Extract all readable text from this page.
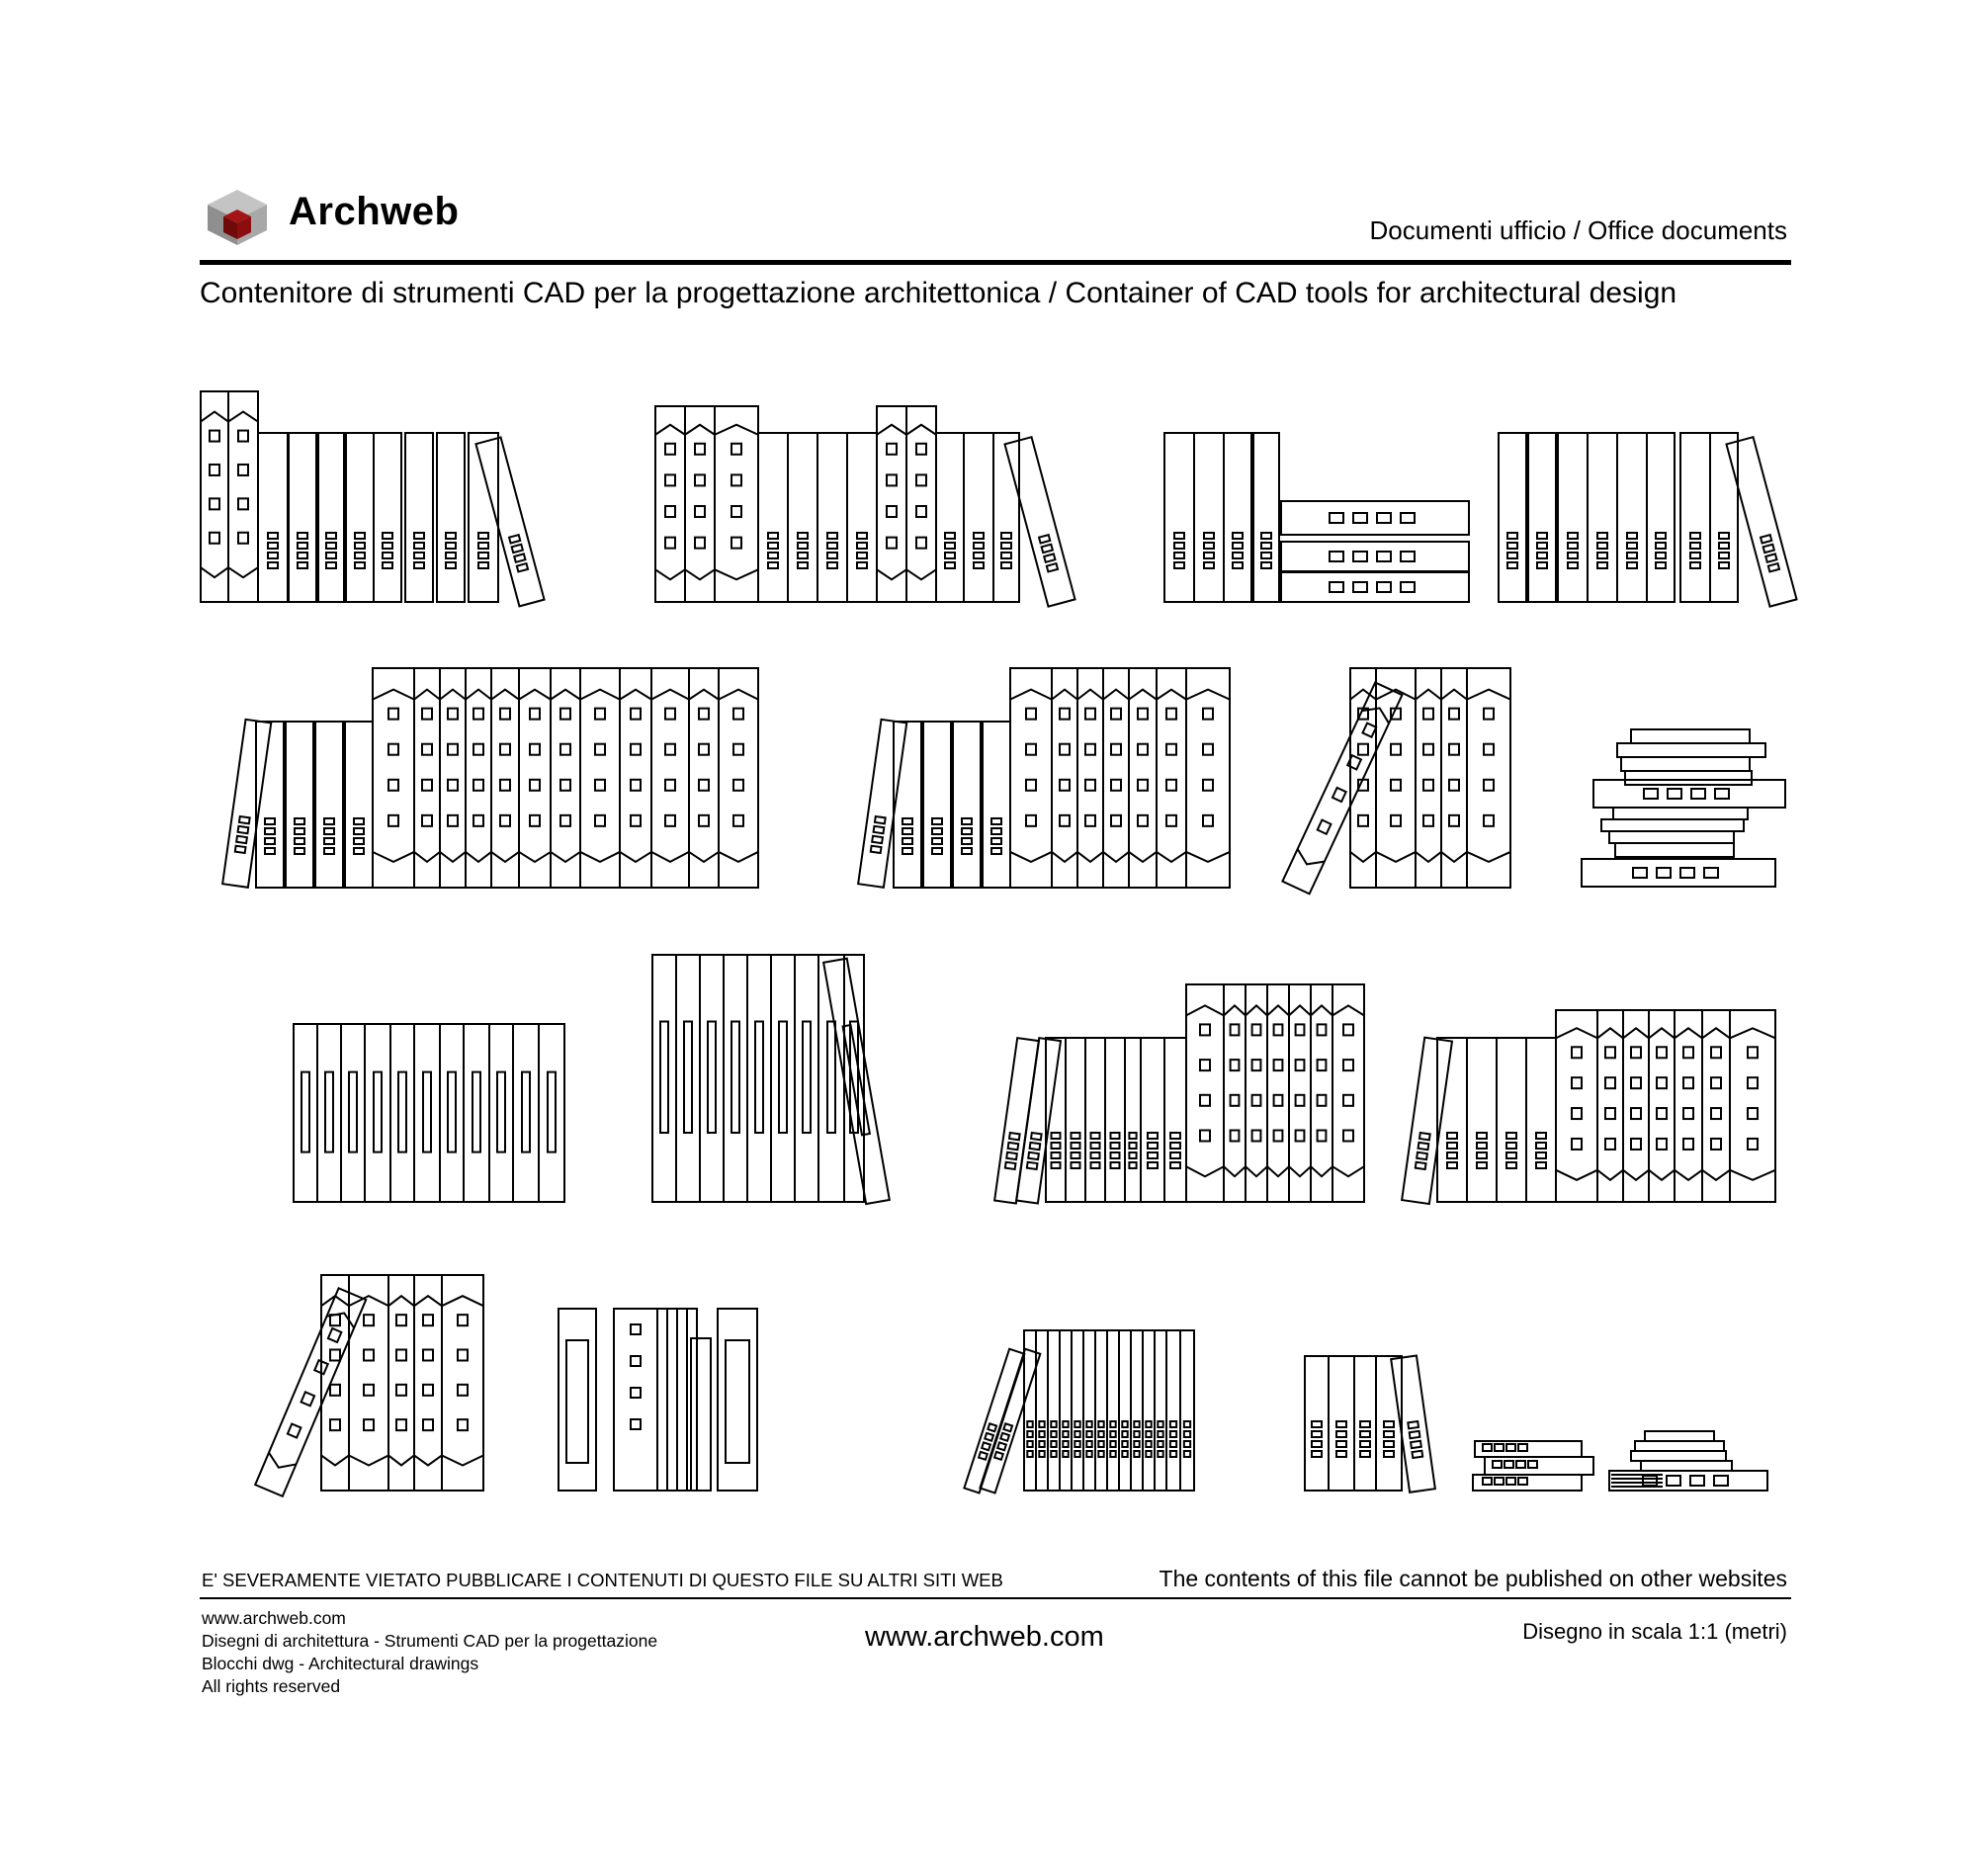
Archweb	Documenti ufficio / Office documents
Contenitore di strumenti CAD per la progettazione architettonica / Container of CAD tools for architectural design
E' SEVERAMENTE VIETATO PUBBLICARE I CONTENUTI DI QUESTO FILE SU ALTRI SITI WEB	The contents of this file cannot be published on other websites
www.archweb.com
Disegni di architettura - Strumenti CAD per la progettazione
Blocchi dwg - Architectural drawings
All rights reserved
www.archweb.com	Disegno in scala 1:1 (metri)
